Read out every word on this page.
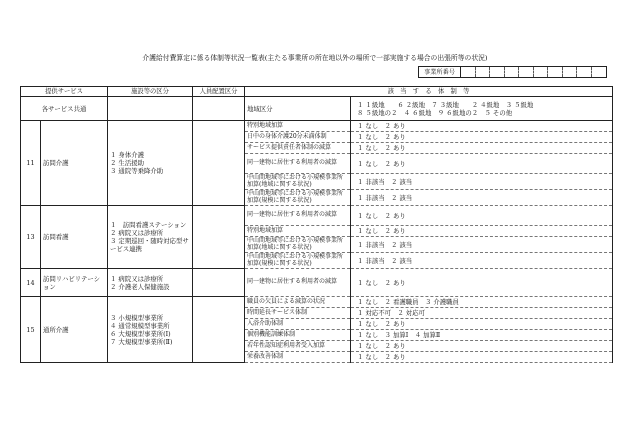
介護給付費算定に係る体制等状況一覧表(主たる事業所の所在地以外の場所で一部実施する場合の出張所等の状況)
事業所番号
提供サービス		施設等の区分	人員配置区分	該　当　す　る　体　制　等	
各サービス共通				地域区分	１ １級地　　６ ２級地　７ ３級地　　２ ４級地　３ ５級地
８ ５級地の２　４ ６級地　９ ６級地の２　５ その他

11	訪問介護	１ 身体介護
２ 生活援助
３ 通院等乗降介助		特別地域加算	１ なし　２ あり
				日中の身体介護20分未満体制	１ なし　２ あり
				サービス提供責任者体制の減算	１ なし　２ あり
				同一建物に居住する利用者の減算	１ なし　２ あり
				中山間地域等における小規模事業所加算(地域に関する状況)	１ 非該当　２ 該当
				中山間地域等における小規模事業所加算(規模に関する状況)	１ 非該当　２ 該当
13	訪問看護	１　訪問看護ステーション
２ 病院又は診療所
３ 定期巡回・随時対応型サービス連携		同一建物に居住する利用者の減算	１ なし　２ あり
				特別地域加算	１ なし　２ あり
				中山間地域等における小規模事業所加算(地域に関する状況)	１ 非該当　２ 該当
				中山間地域等における小規模事業所加算(規模に関する状況)	１ 非該当　２ 該当
14	訪問リハビリテーション	１ 病院又は診療所
２ 介護老人保健施設		同一建物に居住する利用者の減算	１ なし　２ あり
15	通所介護	３ 小規模型事業所
４ 通常規模型事業所
６ 大規模型事業所(Ⅰ)
７ 大規模型事業所(Ⅱ)		職員の欠員による減算の状況	１ なし　２ 看護職員　３ 介護職員
				時間延長サービス体制	１ 対応不可　２ 対応可
				入浴介助体制	１ なし　２ あり
				個別機能訓練体制	１ なし　３ 加算Ⅰ　４ 加算Ⅱ
				若年性認知症利用者受入加算	１ なし　２ あり
				栄養改善体制	１ なし　２ あり
